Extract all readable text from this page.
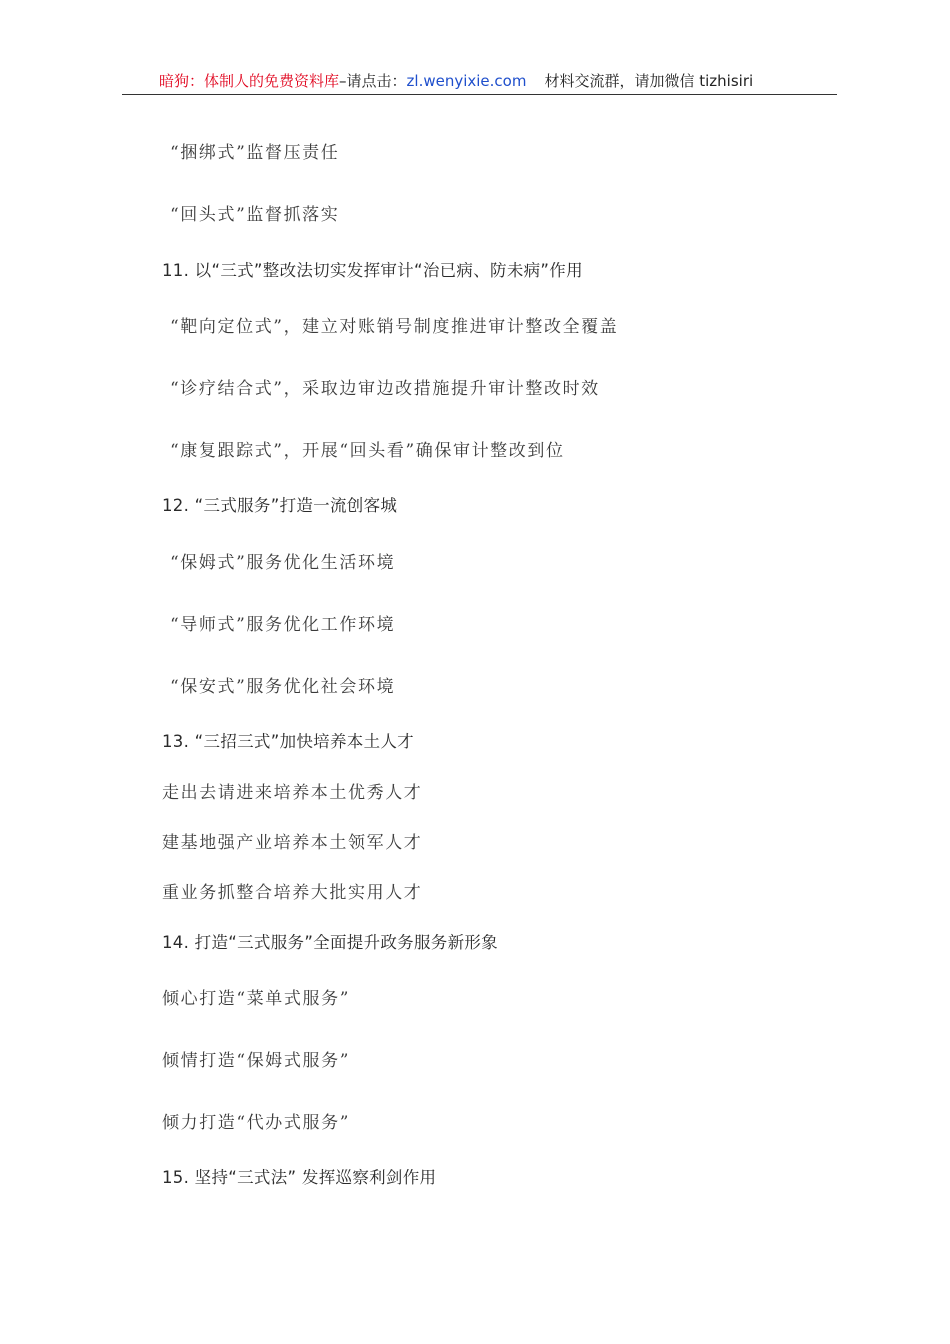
暗狗：体制人的免费资料库–请点击：zl.wenyixie.com 材料交流群，请加微信 tizhisiri
“捆绑式”监督压责任
“回头式”监督抓落实
11. 以“三式”整改法切实发挥审计“治已病、防未病”作用
“靶向定位式”，建立对账销号制度推进审计整改全覆盖
“诊疗结合式”，采取边审边改措施提升审计整改时效
“康复跟踪式”，开展“回头看”确保审计整改到位
12. “三式服务”打造一流创客城
“保姆式”服务优化生活环境
“导师式”服务优化工作环境
“保安式”服务优化社会环境
13. “三招三式”加快培养本土人才
走出去请进来培养本土优秀人才
建基地强产业培养本土领军人才
重业务抓整合培养大批实用人才
14. 打造“三式服务”全面提升政务服务新形象
倾心打造“菜单式服务”
倾情打造“保姆式服务”
倾力打造“代办式服务”
15. 坚持“三式法” 发挥巡察利剑作用
